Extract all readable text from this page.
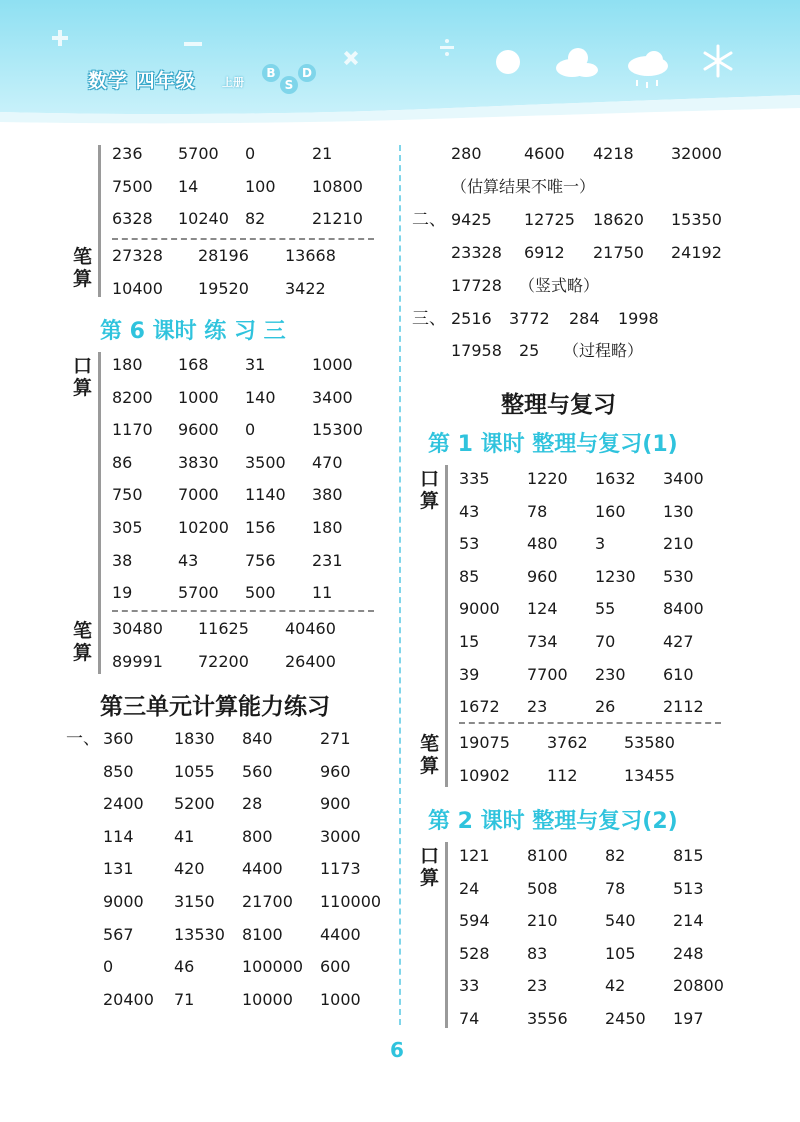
数学 四年级 上册
B
S
D
236 5700 0	21
7500 14	100 10800
6328 10240 82	21210
27328 28196 13668
10400 19520 3422
180 168 31	1000
8200 1000 140 3400
1170 9600 0	15300
86	3830 3500 470
750 7000 1140 380
305 10200 156 180
38	43	756 231
19	5700 500 11
30480 11625 40460
89991 72200 26400
360	1830 840	271
850	1055 560	960
2400 5200 28	900
114	41	800	3000
131	420 4400 1173
9000 3150 21700 110000
567	13530 8100 4400
0	46	100000 600
20400 71	10000 1000
280	4600 4218 32000
（估算结果不唯一）
9425 12725 18620 15350
23328 6912 21750 24192
17728 （竖式略）
2516 3772 284 1998
17958 25 （过程略）
335 1220 1632 3400
43	78	160 130
53	480 3	210
85	960 1230 530
9000 124 55	8400
15	734 70	427
39	7700 230 610
1672 23	26	2112
19075 3762 53580
10902 112	13455
121 8100 82	815
24	508	78	513
594 210	540 214
528 83	105 248
33	23	42	20800
74	3556 2450 197
笔算
第 6 课时 练 习 三
口算
笔算
第三单元计算能力练习
一、
二、
三、
整理与复习
第 1 课时 整理与复习(1)
口算
笔算
第 2 课时 整理与复习(2)
口算
6
